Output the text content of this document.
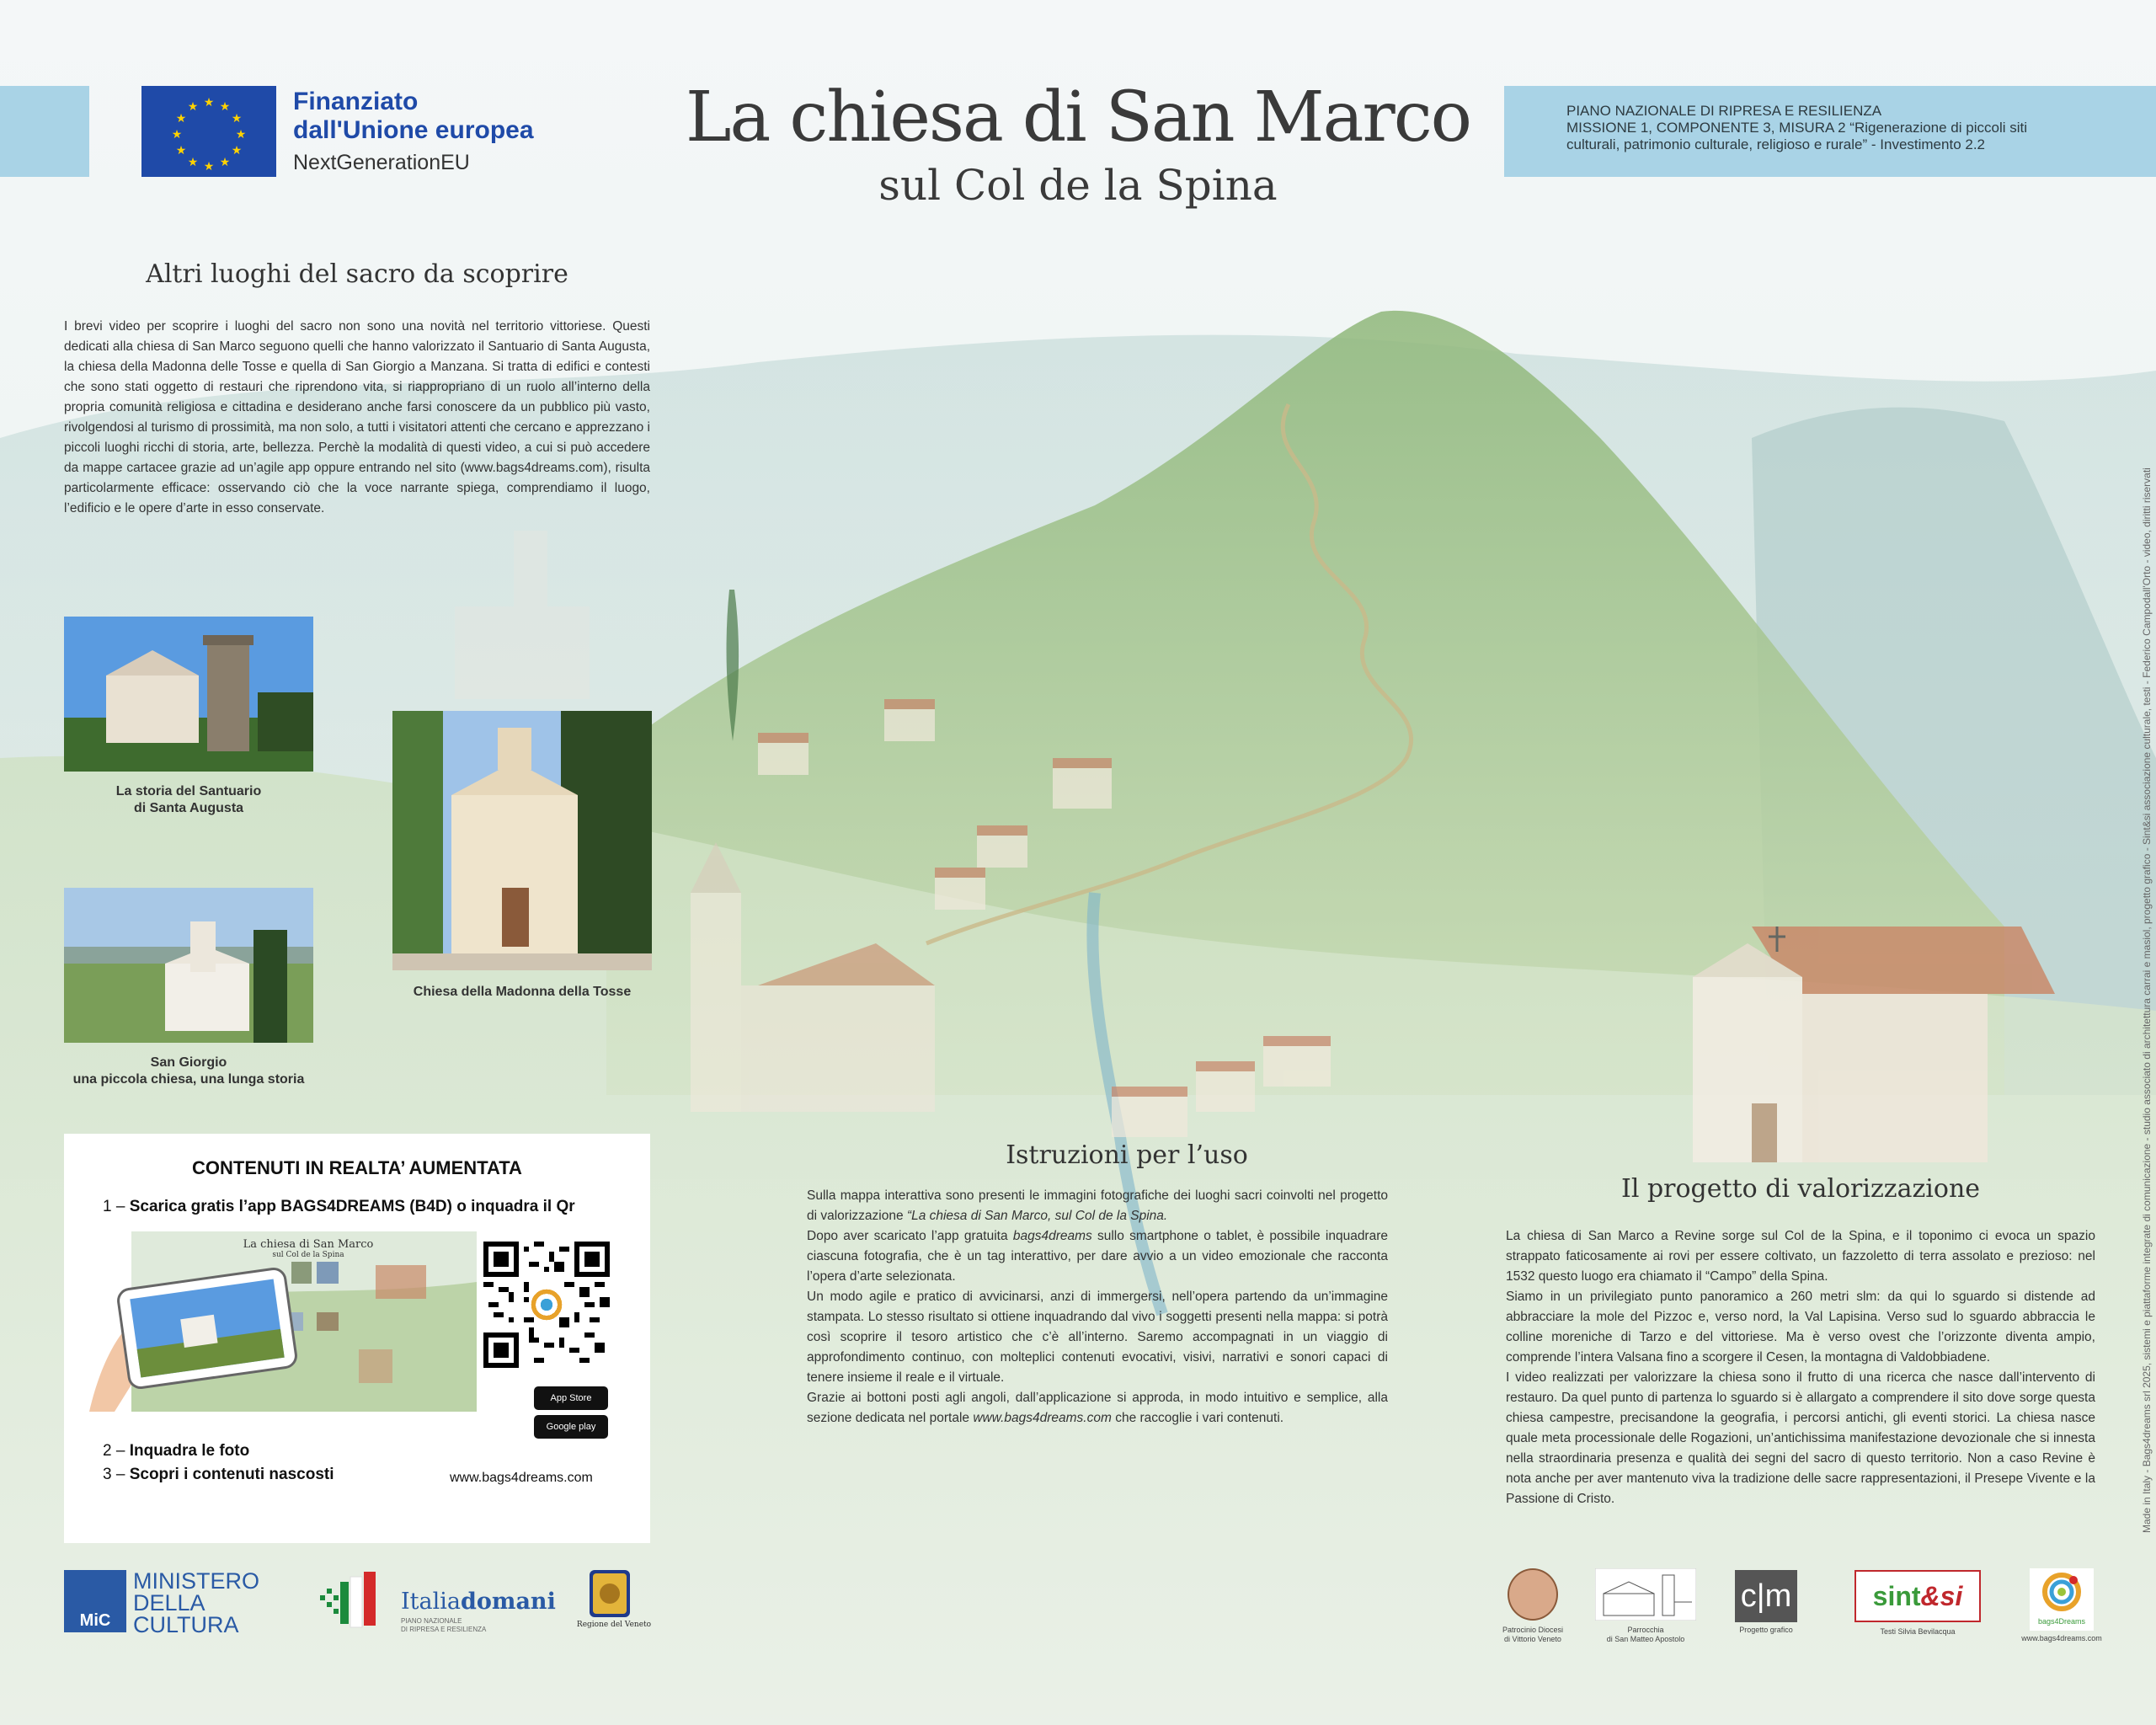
★ ★
★
★
★
★
★
★
★
★
★
★	Finanziato
dall'Unione europea
NextGenerationEU
La chiesa di San Marco
sul Col de la Spina
PIANO NAZIONALE DI RIPRESA E RESILIENZA
MISSIONE 1, COMPONENTE 3, MISURA 2 “Rigenerazione di piccoli siti
culturali, patrimonio culturale, religioso e rurale” - Investimento 2.2
Altri luoghi del sacro da scoprire
I brevi video per scoprire i luoghi del sacro non sono una novità nel territorio vittoriese. Questi dedicati alla chiesa di San Marco seguono quelli che hanno valorizzato il Santuario di Santa Augusta, la chiesa della Madonna delle Tosse e quella di San Giorgio a Manzana. Si tratta di edifici e contesti che sono stati oggetto di restauri che riprendono vita, si riappropriano di un ruolo all’interno della propria comunità religiosa e cittadina e desiderano anche farsi conoscere da un pubblico più vasto, rivolgendosi al turismo di prossimità, ma non solo, a tutti i visitatori attenti che cercano e apprezzano i piccoli luoghi ricchi di storia, arte, bellezza. Perchè la modalità di questi video, a cui si può accedere da mappe cartacee grazie ad un’agile app oppure entrando nel sito (www.bags4dreams.com), risulta particolarmente efficace: osservando ciò che la voce narrante spiega, comprendiamo il luogo, l’edificio e le opere d’arte in esso conservate.
La storia del Santuario
di Santa Augusta
Chiesa della Madonna della Tosse
San Giorgio
una piccola chiesa, una lunga storia
CONTENUTI IN REALTA’ AUMENTATA
1 – Scarica gratis l’app BAGS4DREAMS (B4D) o inquadra il Qr
La chiesa di San Marco
sul Col de la Spina
App Store
Google play
2 – Inquadra le foto
3 – Scopri i contenuti nascosti	www.bags4dreams.com
Istruzioni per l’uso
Sulla mappa interattiva sono presenti le immagini fotografiche dei luoghi sacri coinvolti nel progetto di valorizzazione “La chiesa di San Marco, sul Col de la Spina.
Dopo aver scaricato l’app gratuita bags4dreams sullo smartphone o tablet, è possibile inquadrare ciascuna fotografia, che è un tag interattivo, per dare avvio a un video emozionale che racconta l’opera d’arte selezionata.
Un modo agile e pratico di avvicinarsi, anzi di immergersi, nell’opera partendo da un’immagine stampata. Lo stesso risultato si ottiene inquadrando dal vivo i soggetti presenti nella mappa: si potrà così scoprire il tesoro artistico che c’è all’interno. Saremo accompagnati in un viaggio di approfondimento continuo, con molteplici contenuti evocativi, visivi, narrativi e sonori capaci di tenere insieme il reale e il virtuale.
Grazie ai bottoni posti agli angoli, dall’applicazione si approda, in modo intuitivo e semplice, alla sezione dedicata nel portale www.bags4dreams.com che raccoglie i vari contenuti.
Il progetto di valorizzazione
La chiesa di San Marco a Revine sorge sul Col de la Spina, e il toponimo ci evoca un spazio strappato faticosamente ai rovi per essere coltivato, un fazzoletto di terra assolato e prezioso: nel 1532 questo luogo era chiamato il “Campo” della Spina.
Siamo in un privilegiato punto panoramico a 260 metri slm: da qui lo sguardo si distende ad abbracciare la mole del Pizzoc e, verso nord, la Val Lapisina. Verso sud lo sguardo abbraccia le colline moreniche di Tarzo e del vittoriese. Ma è verso ovest che l’orizzonte diventa ampio, comprende l’intera Valsana fino a scorgere il Cesen, la montagna di Valdobbiadene.
I video realizzati per valorizzare la chiesa sono il frutto di una ricerca che nasce dall’intervento di restauro. Da quel punto di partenza lo sguardo si è allargato a comprendere il sito dove sorge questa chiesa campestre, precisandone la geografia, i percorsi antichi, gli eventi storici. La chiesa nasce quale meta processionale delle Rogazioni, un’antichissima manifestazione devozionale che si innesta nella straordinaria presenza e qualità dei segni del sacro di questo territorio. Non a caso Revine è nota anche per aver mantenuto viva la tradizione delle sacre rappresentazioni, il Presepe Vivente e la Passione di Cristo.
MiC
MINISTERO
DELLA
CULTURA
Italiadomani
PIANO NAZIONALE
DI RIPRESA E RESILIENZA
Regione del Veneto
Patrocinio Diocesi
di Vittorio Veneto
Parrocchia
di San Matteo Apostolo
c|m
Progetto grafico
sint&si
Testi Silvia Bevilacqua
bags4Dreams
www.bags4dreams.com
Made in Italy - Bags4dreams srl 2025, sistemi e piattaforme integrate di comunicazione - studio associato di architettura carrai e masiol, progetto grafico - Sint&si associazione culturale, testi - Federico Campodall'Orto - video, diritti riservati
